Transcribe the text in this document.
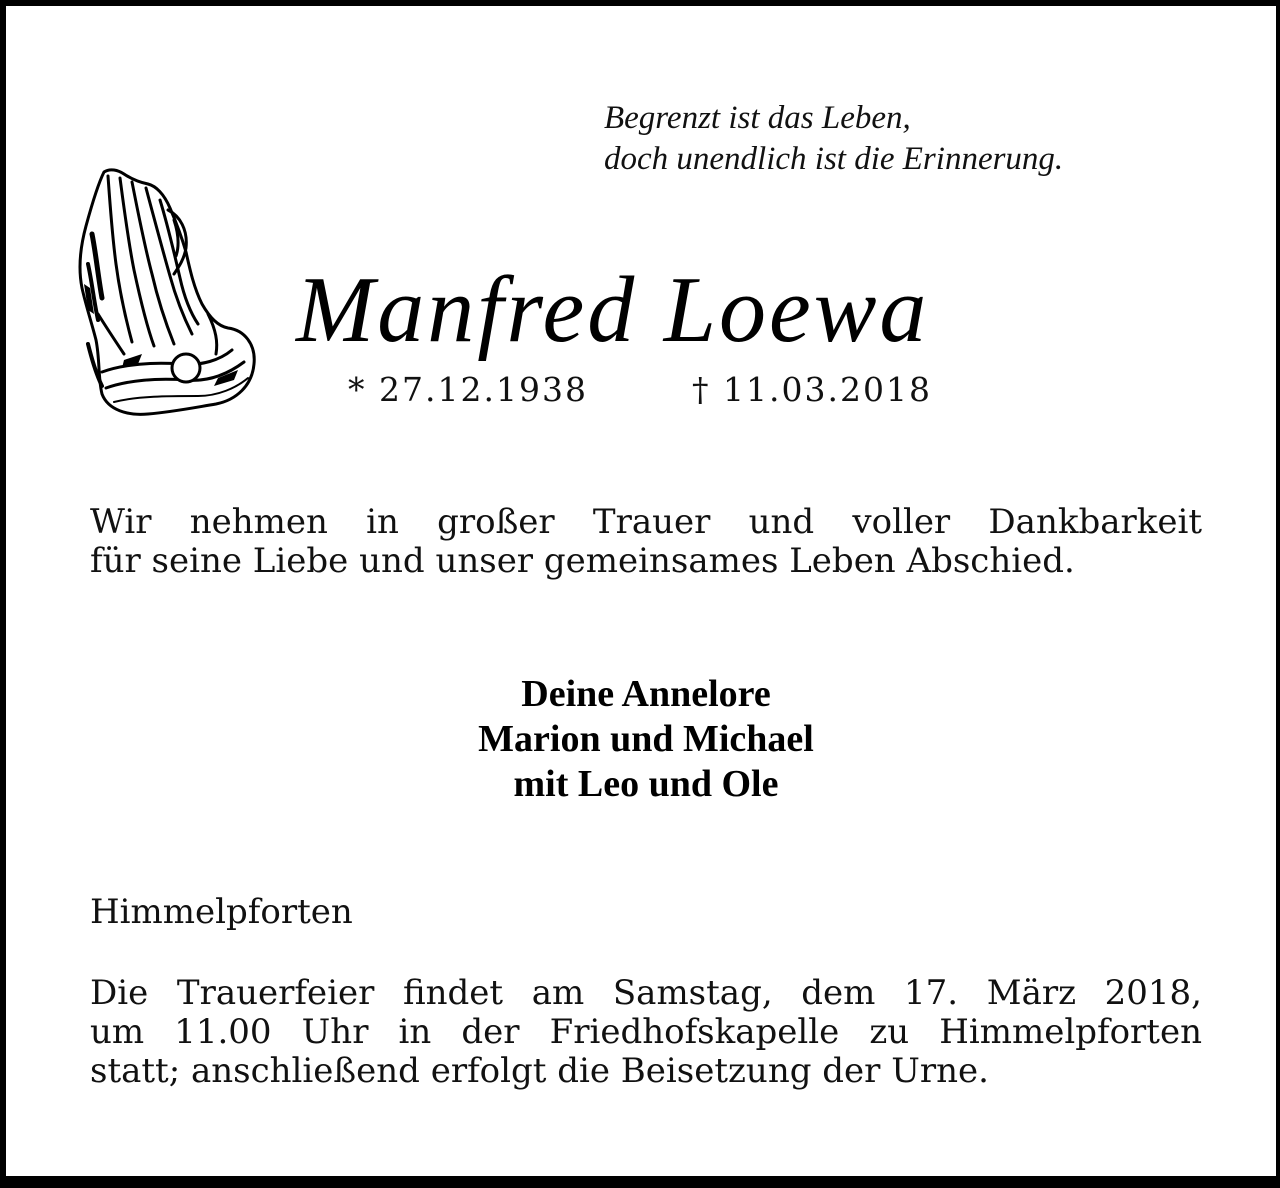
Begrenzt ist das Leben,
doch unendlich ist die Erinnerung.
Manfred Loewa
* 27.12.1938	† 11.03.2018
Wir nehmen in großer Trauer und voller Dankbarkeit
für seine Liebe und unser gemeinsames Leben Abschied.
Deine Annelore
Marion und Michael
mit Leo und Ole
Himmelpforten
Die Trauerfeier findet am Samstag, dem 17. März 2018,
um 11.00 Uhr in der Friedhofskapelle zu Himmelpforten
statt; anschließend erfolgt die Beisetzung der Urne.
